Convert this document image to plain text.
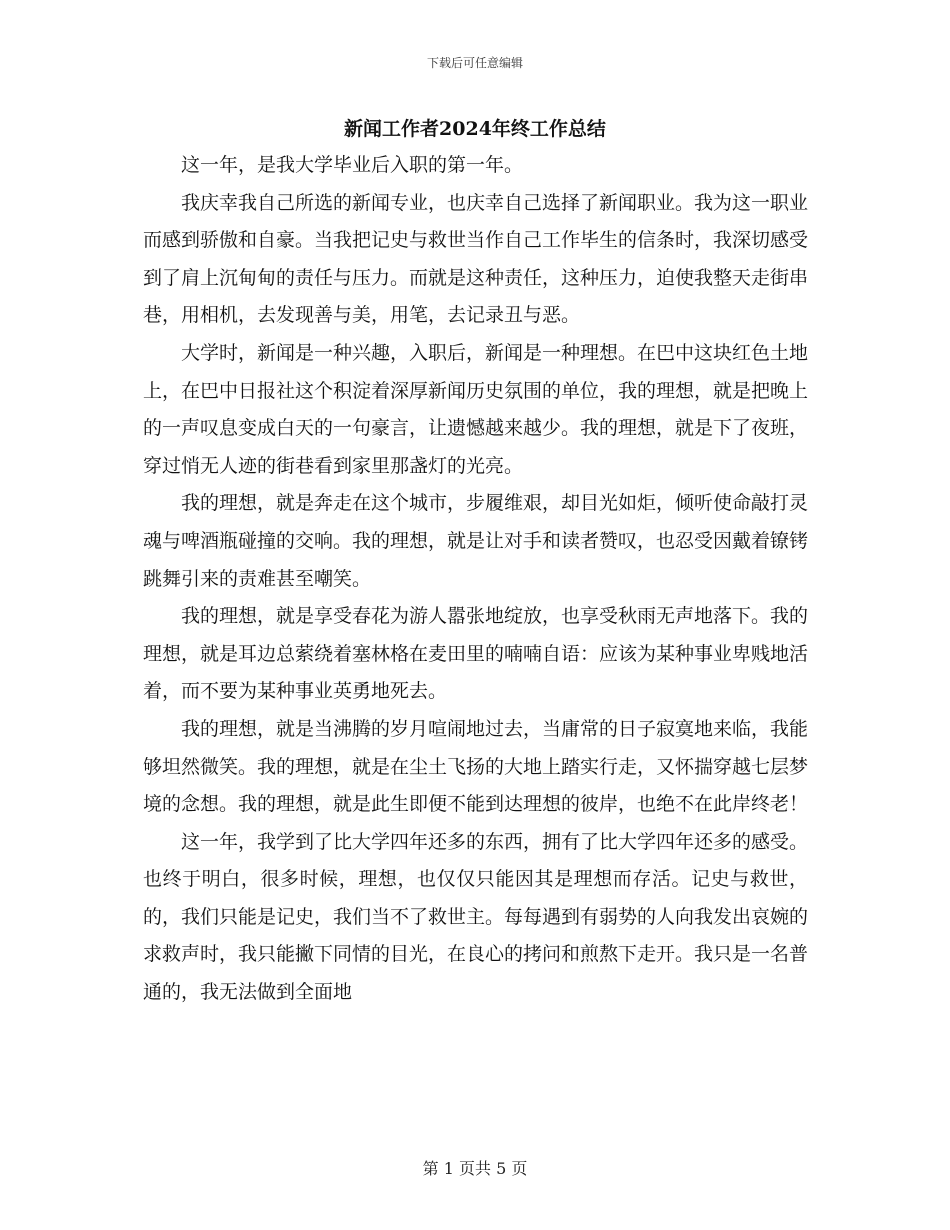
下载后可任意编辑
新闻工作者2024年终工作总结

这一年，是我大学毕业后入职的第一年。

我庆幸我自己所选的新闻专业，也庆幸自己选择了新闻职业。我为这一职业而感到骄傲和自豪。当我把记史与救世当作自己工作毕生的信条时，我深切感受到了肩上沉甸甸的责任与压力。而就是这种责任，这种压力，迫使我整天走街串巷，用相机，去发现善与美，用笔，去记录丑与恶。

大学时，新闻是一种兴趣，入职后，新闻是一种理想。在巴中这块红色土地上，在巴中日报社这个积淀着深厚新闻历史氛围的单位，我的理想，就是把晚上的一声叹息变成白天的一句豪言，让遗憾越来越少。我的理想，就是下了夜班，穿过悄无人迹的街巷看到家里那盏灯的光亮。

我的理想，就是奔走在这个城市，步履维艰，却目光如炬，倾听使命敲打灵魂与啤酒瓶碰撞的交响。我的理想，就是让对手和读者赞叹，也忍受因戴着镣铐跳舞引来的责难甚至嘲笑。

我的理想，就是享受春花为游人嚣张地绽放，也享受秋雨无声地落下。我的理想，就是耳边总萦绕着塞林格在麦田里的喃喃自语：应该为某种事业卑贱地活着，而不要为某种事业英勇地死去。

我的理想，就是当沸腾的岁月喧闹地过去，当庸常的日子寂寞地来临，我能够坦然微笑。我的理想，就是在尘土飞扬的大地上踏实行走，又怀揣穿越七层梦境的念想。我的理想，就是此生即便不能到达理想的彼岸，也绝不在此岸终老！

这一年，我学到了比大学四年还多的东西，拥有了比大学四年还多的感受。也终于明白，很多时候，理想，也仅仅只能因其是理想而存活。记史与救世，的，我们只能是记史，我们当不了救世主。每每遇到有弱势的人向我发出哀婉的求救声时，我只能撇下同情的目光，在良心的拷问和煎熬下走开。我只是一名普通的，我无法做到全面地

第 1 页共 5 页
